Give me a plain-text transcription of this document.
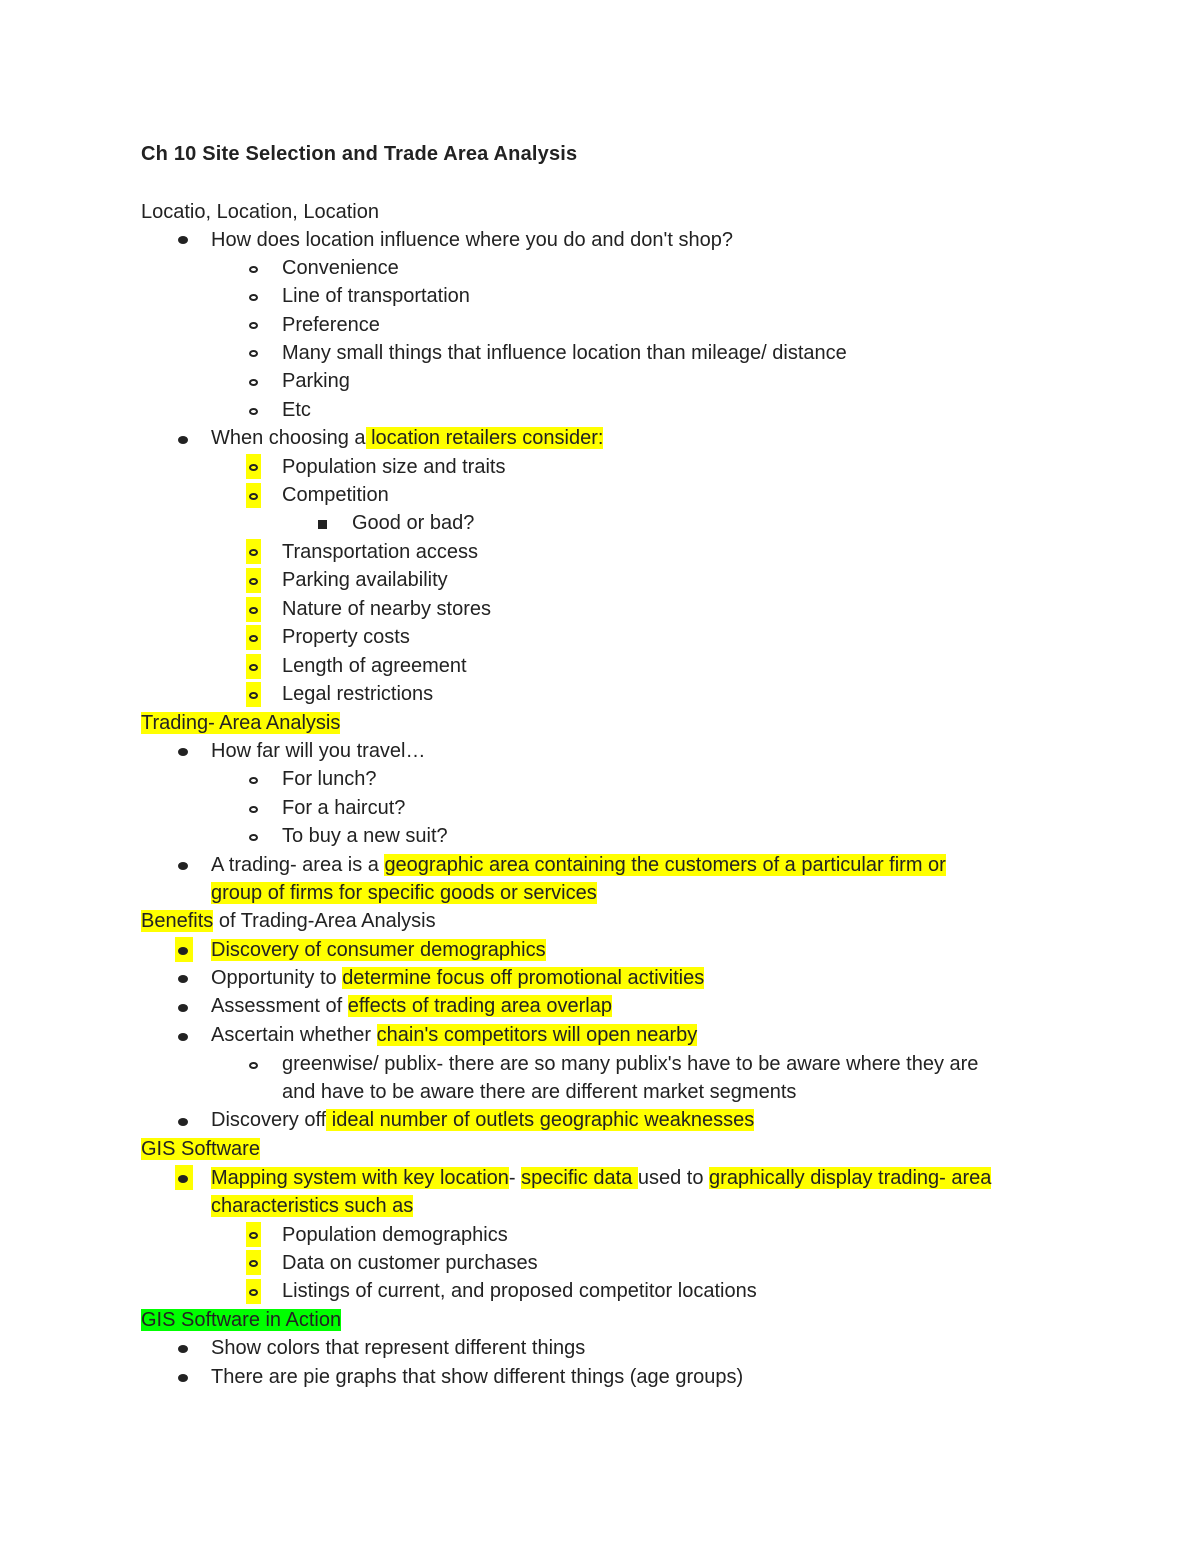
Ch 10 Site Selection and Trade Area Analysis
Locatio, Location, Location
How does location influence where you do and don't shop?
Convenience
Line of transportation
Preference
Many small things that influence location than mileage/ distance
Parking
Etc
When choosing a location retailers consider:
Population size and traits
Competition
Good or bad?
Transportation access
Parking availability
Nature of nearby stores
Property costs
Length of agreement
Legal restrictions
Trading- Area Analysis
How far will you travel…
For lunch?
For a haircut?
To buy a new suit?
A trading- area is a geographic area containing the customers of a particular firm or
group of firms for specific goods or services
Benefits of Trading-Area Analysis
Discovery of consumer demographics
Opportunity to determine focus off promotional activities
Assessment of effects of trading area overlap
Ascertain whether chain's competitors will open nearby
greenwise/ publix- there are so many publix's have to be aware where they are
and have to be aware there are different market segments
Discovery off ideal number of outlets geographic weaknesses
GIS Software
Mapping system with key location- specific data used to graphically display trading- area
characteristics such as
Population demographics
Data on customer purchases
Listings of current, and proposed competitor locations
GIS Software in Action
Show colors that represent different things
There are pie graphs that show different things (age groups)
